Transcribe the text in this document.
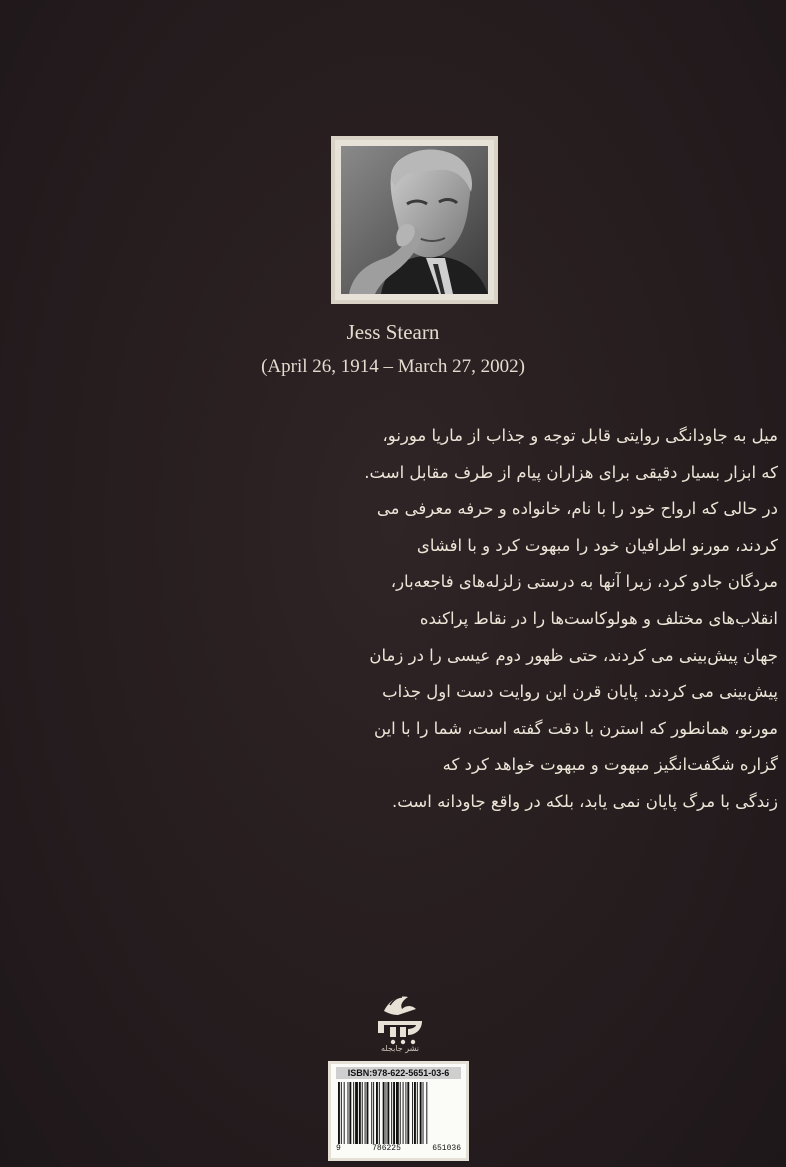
Jess Stearn
(April 26, 1914 – March 27, 2002)
میل به جاودانگی روایتی قابل توجه و جذاب از ماریا مورنو،
که ابزار بسیار دقیقی برای هزاران پیام از طرف مقابل است.
در حالی که ارواح خود را با نام، خانواده و حرفه معرفی می
کردند، مورنو اطرافیان خود را مبهوت کرد و با افشای
مردگان جادو کرد، زیرا آنها به درستی زلزله‌های فاجعه‌بار،
انقلاب‌های مختلف و هولوکاست‌ها را در نقاط پراکنده
جهان پیش‌بینی می کردند، حتی ظهور دوم عیسی را در زمان
پیش‌بینی می کردند. پایان قرن این روایت دست اول جذاب
مورنو، همانطور که استرن با دقت گفته است، شما را با این
گزاره شگفت‌انگیز مبهوت و مبهوت خواهد کرد که
زندگی با مرگ پایان نمی یابد، بلکه در واقع جاودانه است.
نشر جابجله
ISBN:978-622-5651-03-6
9	786225	651036
